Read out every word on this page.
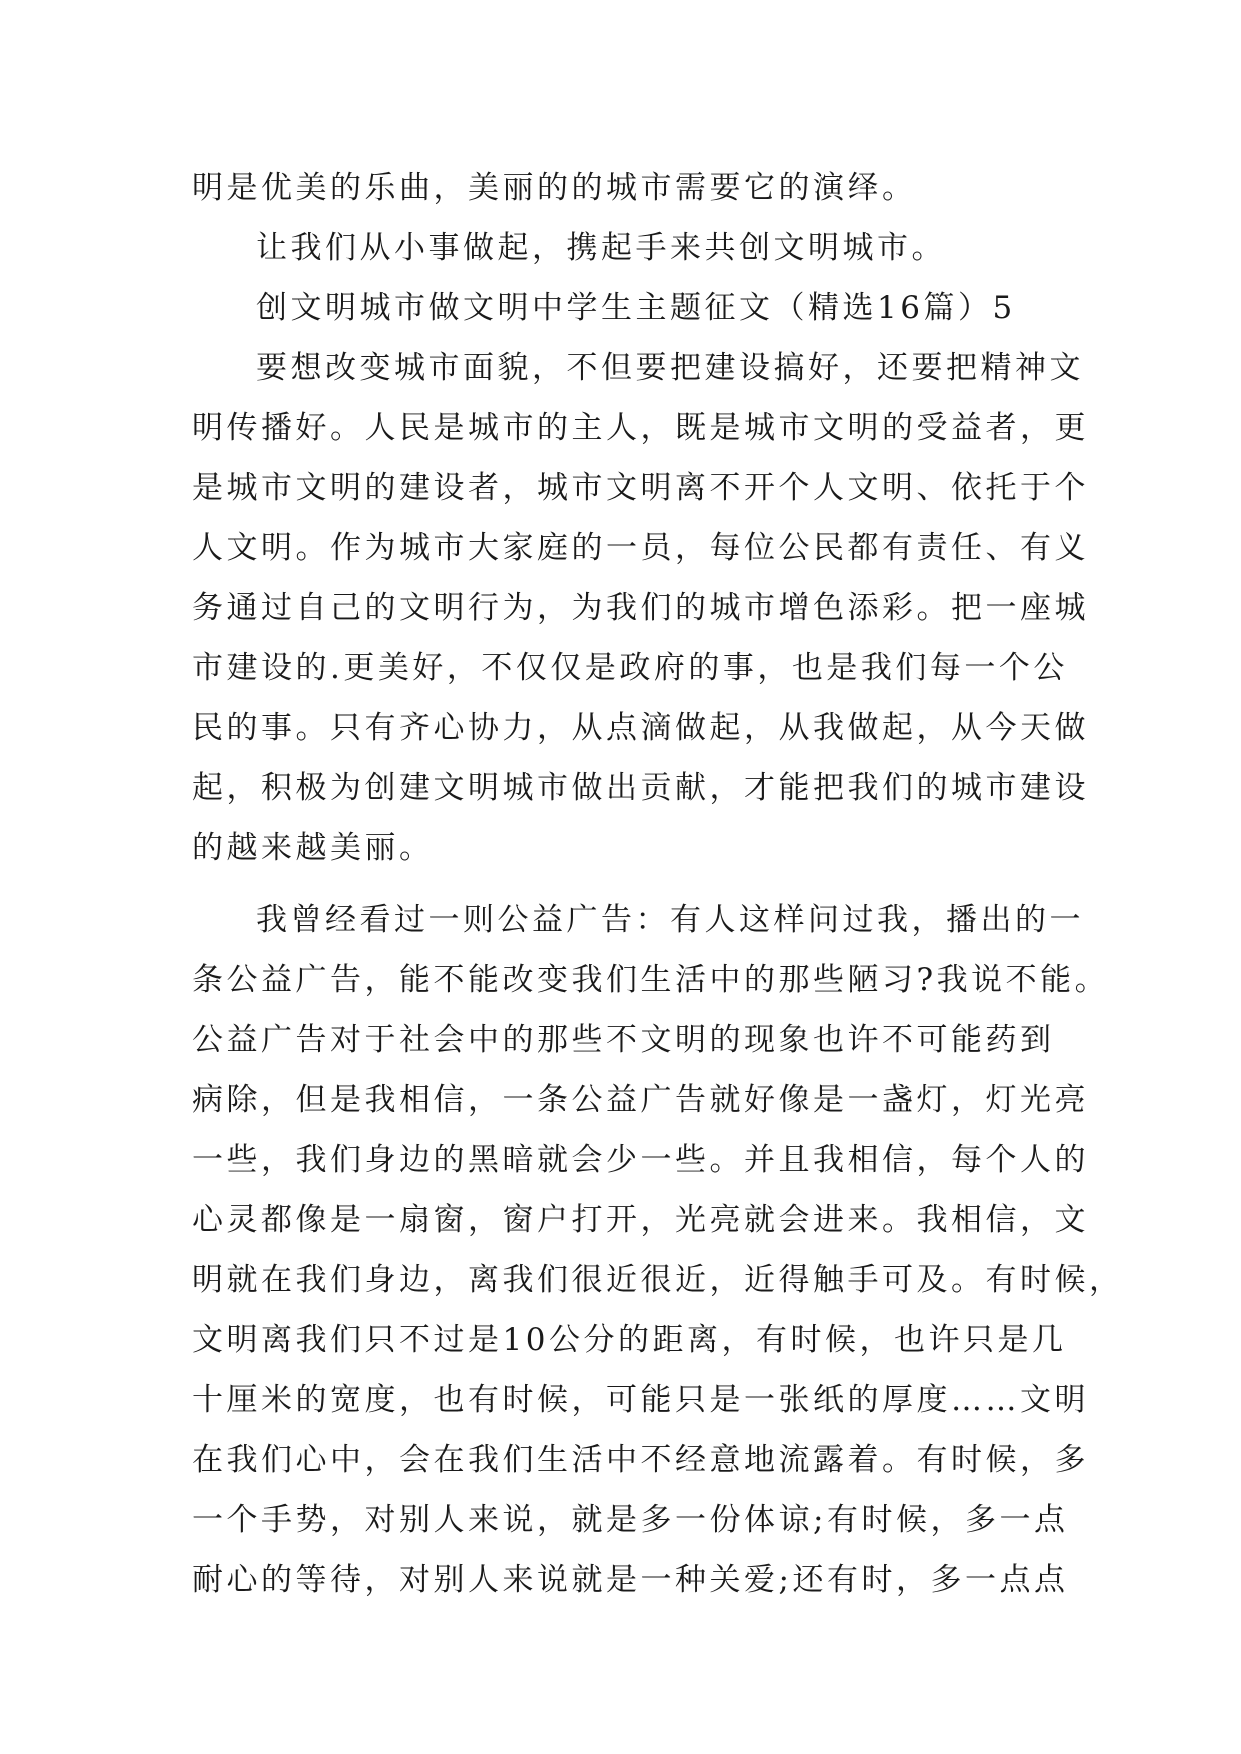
明是优美的乐曲，美丽的的城市需要它的演绎。
让我们从小事做起，携起手来共创文明城市。
创文明城市做文明中学生主题征文（精选16篇）5
要想改变城市面貌，不但要把建设搞好，还要把精神文
明传播好。人民是城市的主人，既是城市文明的受益者，更
是城市文明的建设者，城市文明离不开个人文明、依托于个
人文明。作为城市大家庭的一员，每位公民都有责任、有义
务通过自己的文明行为，为我们的城市增色添彩。把一座城
市建设的.更美好，不仅仅是政府的事，也是我们每一个公
民的事。只有齐心协力，从点滴做起，从我做起，从今天做
起，积极为创建文明城市做出贡献，才能把我们的城市建设
的越来越美丽。
我曾经看过一则公益广告：有人这样问过我，播出的一
条公益广告，能不能改变我们生活中的那些陋习?我说不能。
公益广告对于社会中的那些不文明的现象也许不可能药到
病除，但是我相信，一条公益广告就好像是一盏灯，灯光亮
一些，我们身边的黑暗就会少一些。并且我相信，每个人的
心灵都像是一扇窗，窗户打开，光亮就会进来。我相信，文
明就在我们身边，离我们很近很近，近得触手可及。有时候，
文明离我们只不过是10公分的距离，有时候，也许只是几
十厘米的宽度，也有时候，可能只是一张纸的厚度……文明
在我们心中，会在我们生活中不经意地流露着。有时候，多
一个手势，对别人来说，就是多一份体谅;有时候，多一点
耐心的等待，对别人来说就是一种关爱;还有时，多一点点
